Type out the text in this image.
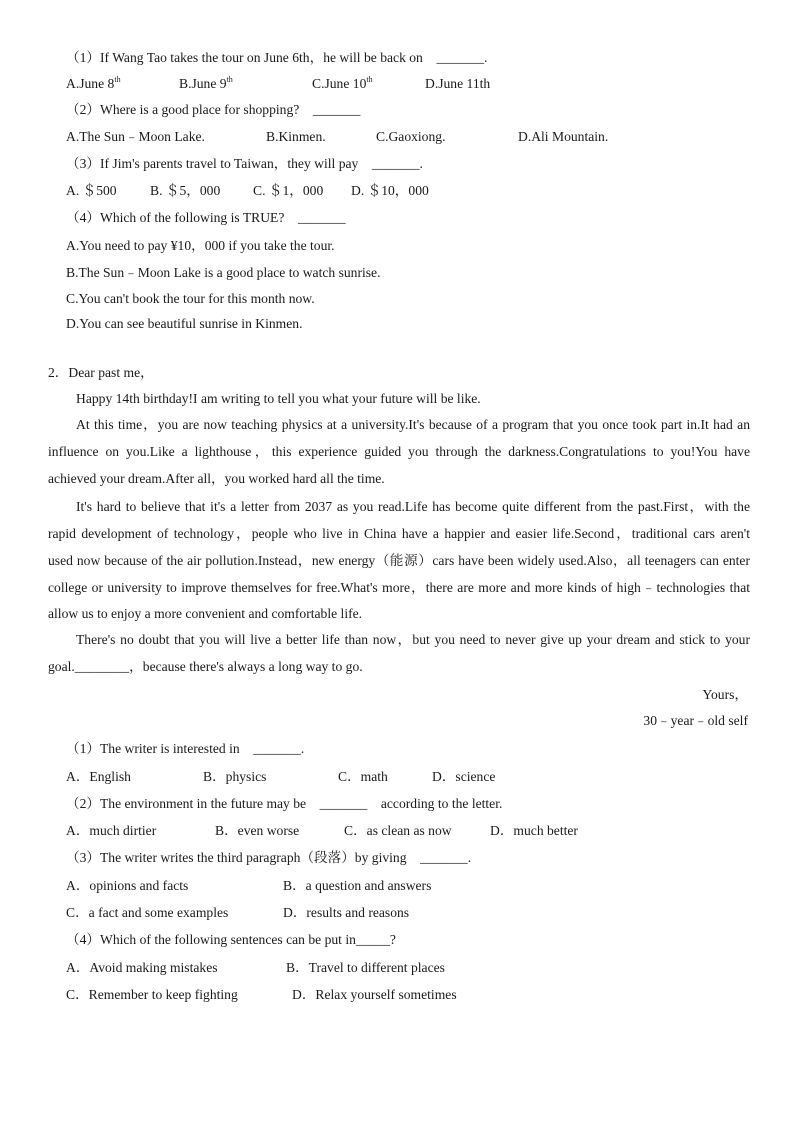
（1）If Wang Tao takes the tour on June 6th，he will be back on　_______.
A.June 8th	B.June 9th	C.June 10th	D.June 11th
（2）Where is a good place for shopping?　_______
A.The Sun﹣Moon Lake.	B.Kinmen.	C.Gaoxiong.	D.Ali Mountain.
（3）If Jim's parents travel to Taiwan，they will pay　_______.
A. ＄500 B. ＄5，000 C. ＄1，000 D. ＄10，000
（4）Which of the following is TRUE?　_______
A.You need to pay ¥10，000 if you take the tour.
B.The Sun﹣Moon Lake is a good place to watch sunrise.
C.You can't book the tour for this month now.
D.You can see beautiful sunrise in Kinmen.
2．Dear past me，
Happy 14th birthday!I am writing to tell you what your future will be like.
At this time，you are now teaching physics at a university.It's because of a program that you once took part in.It had an
influence on you.Like a lighthouse，this experience guided you through the darkness.Congratulations to you!You have
achieved your dream.After all，you worked hard all the time.
It's hard to believe that it's a letter from 2037 as you read.Life has become quite different from the past.First，with the
rapid development of technology，people who live in China have a happier and easier life.Second，traditional cars aren't
used now because of the air pollution.Instead，new energy（能源）cars have been widely used.Also，all teenagers can enter
college or university to improve themselves for free.What's more，there are more and more kinds of high﹣technologies that
allow us to enjoy a more convenient and comfortable life.
There's no doubt that you will live a better life than now，but you need to never give up your dream and stick to your
goal.________，because there's always a long way to go.
Yours，
30﹣year﹣old self
（1）The writer is interested in　_______.
A．English	B．physics	C．math	D．science
（2）The environment in the future may be　_______　according to the letter.
A．much dirtier	B．even worse	C．as clean as now	D．much better
（3）The writer writes the third paragraph（段落）by giving　_______.
A．opinions and facts	B．a question and answers
C．a fact and some examples	D．results and reasons
（4）Which of the following sentences can be put in_____?
A．Avoid making mistakes	B．Travel to different places
C．Remember to keep fighting	D．Relax yourself sometimes
